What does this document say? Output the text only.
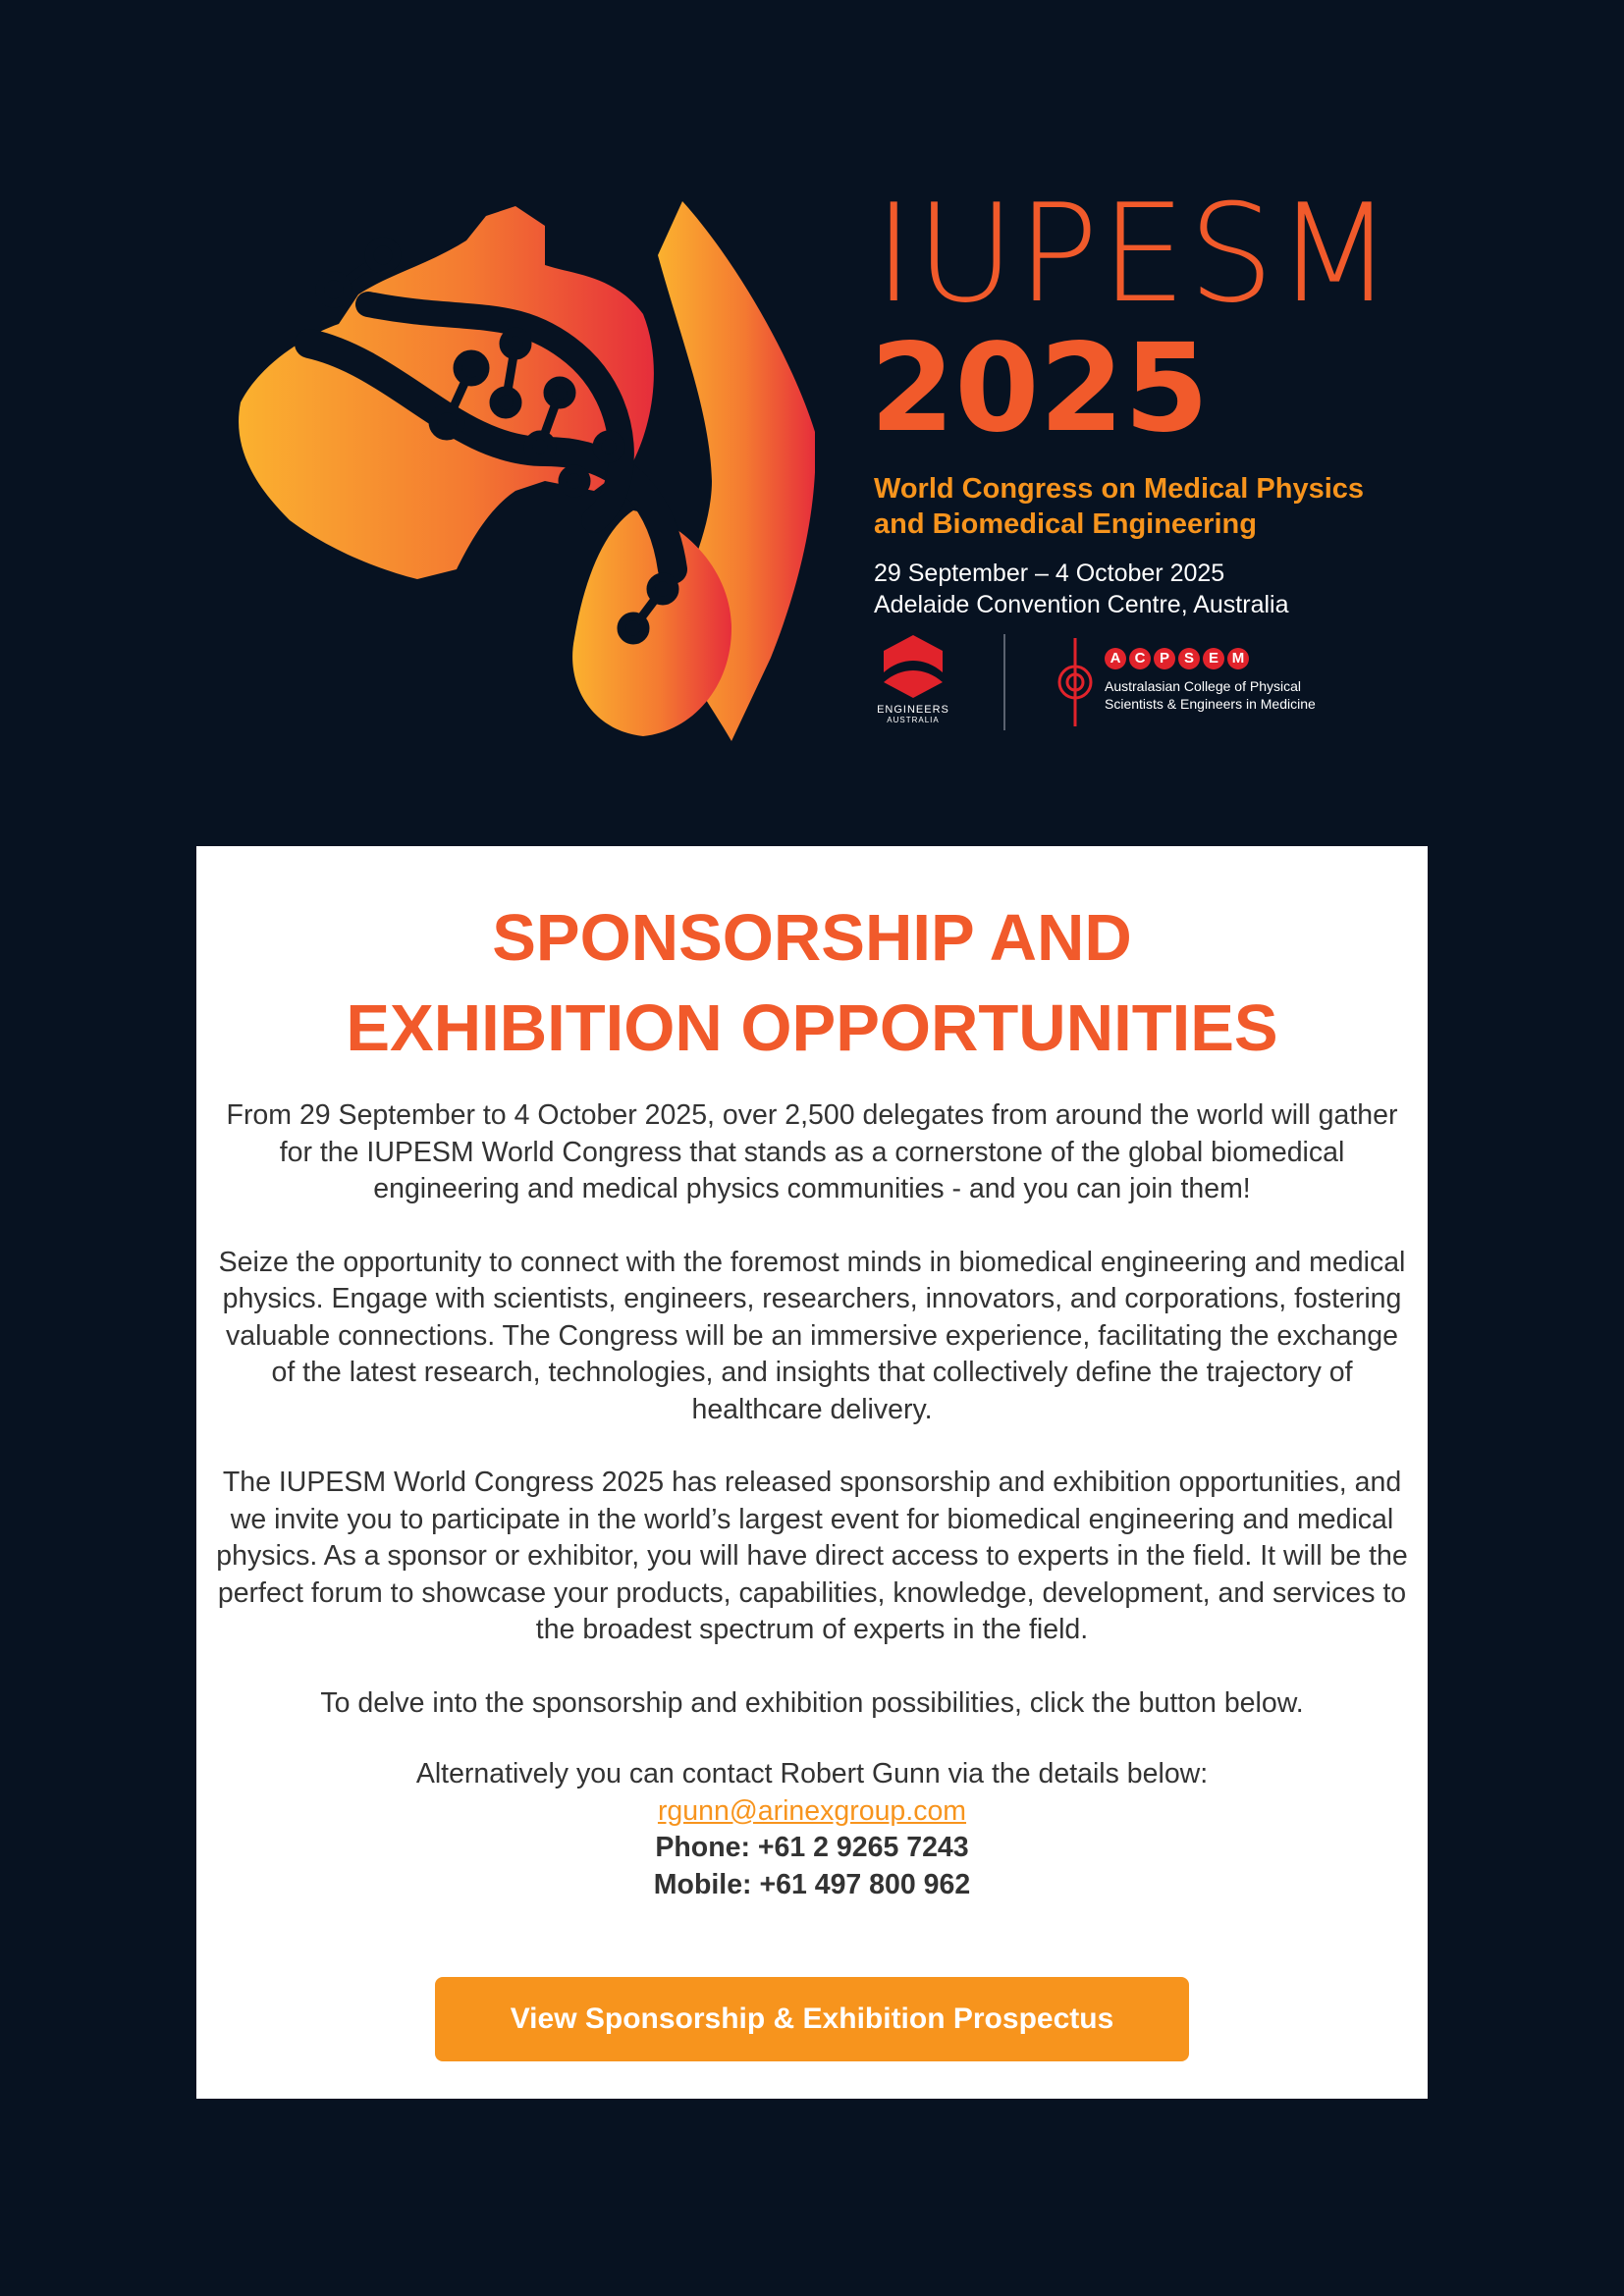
IUPESM
2025
World Congress on Medical Physics
and Biomedical Engineering
29 September – 4 October 2025
Adelaide Convention Centre, Australia
ENGINEERS
AUSTRALIA
A C P S E M
Australasian College of Physical
Scientists & Engineers in Medicine
SPONSORSHIP AND
EXHIBITION OPPORTUNITIES

From 29 September to 4 October 2025, over 2,500 delegates from around the world will gather for the IUPESM World Congress that stands as a cornerstone of the global biomedical engineering and medical physics communities - and you can join them!

Seize the opportunity to connect with the foremost minds in biomedical engineering and medical physics. Engage with scientists, engineers, researchers, innovators, and corporations, fostering valuable connections. The Congress will be an immersive experience, facilitating the exchange of the latest research, technologies, and insights that collectively define the trajectory of healthcare delivery.

The IUPESM World Congress 2025 has released sponsorship and exhibition opportunities, and we invite you to participate in the world’s largest event for biomedical engineering and medical physics. As a sponsor or exhibitor, you will have direct access to experts in the field. It will be the perfect forum to showcase your products, capabilities, knowledge, development, and services to the broadest spectrum of experts in the field.

To delve into the sponsorship and exhibition possibilities, click the button below.

Alternatively you can contact Robert Gunn via the details below:
rgunn@arinexgroup.com
Phone: +61 2 9265 7243
Mobile: +61 497 800 962
View Sponsorship & Exhibition Prospectus
